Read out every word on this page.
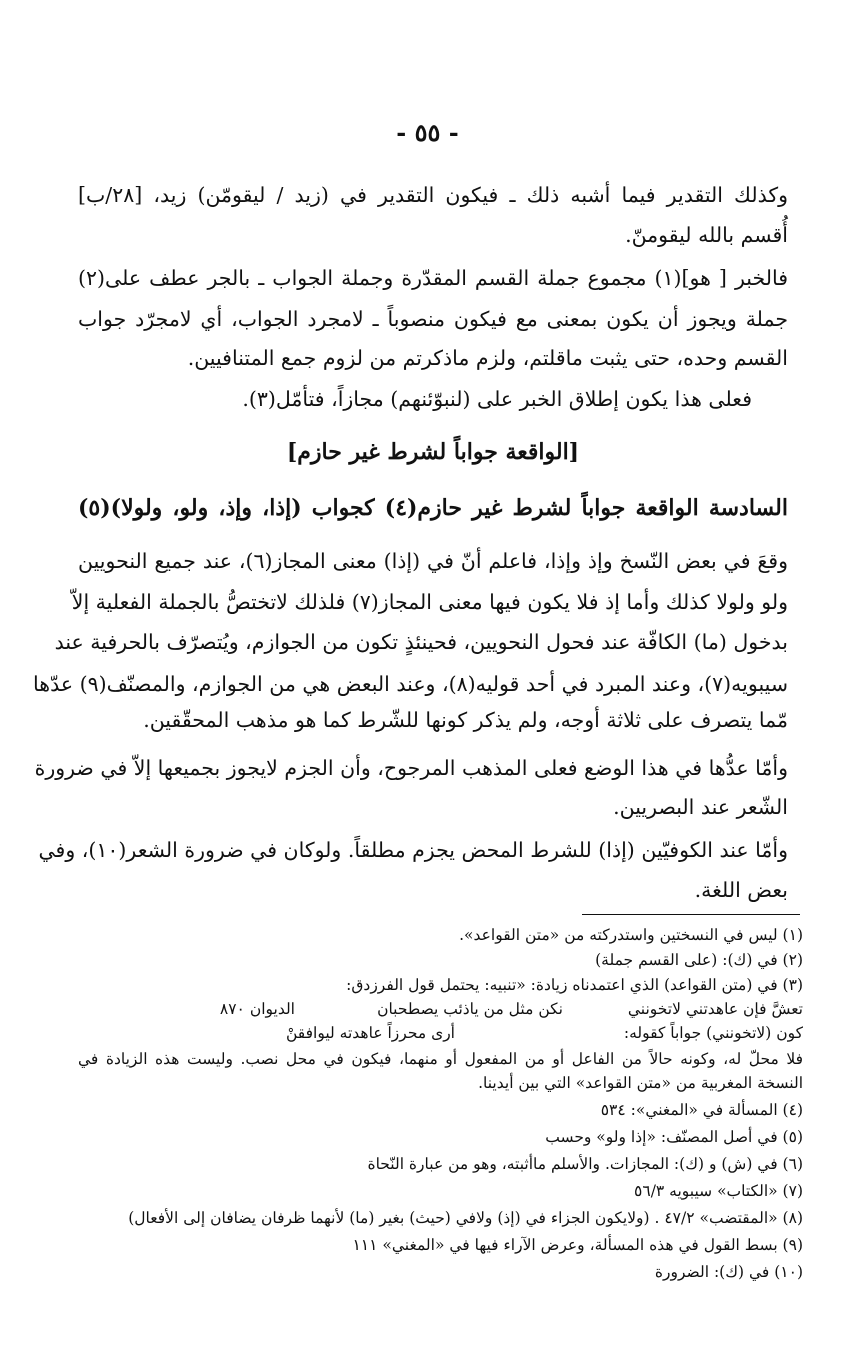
- ٥٥ -
وكذلك التقدير فيما أشبه ذلك ـ فيكون التقدير في (زيد / ليقومّن) زيد، [٢٨/ب]
أُقسم بالله ليقومنّ.
فالخبر [ هو](١) مجموع جملة القسم المقدّرة وجملة الجواب ـ بالجر عطف على(٢)
جملة ويجوز أن يكون بمعنى مع فيكون منصوباً ـ لامجرد الجواب، أي لامجرّد جواب
القسم وحده، حتى يثبت ماقلتم، ولزم ماذكرتم من لزوم جمع المتنافيين.
فعلى هذا يكون إطلاق الخبر على (لنبوّئنهم) مجازاً، فتأمّل(٣).
[الواقعة جواباً لشرط غير حازم]
السادسة الواقعة جواباً لشرط غير حازم(٤) كجواب (إذا، وإذ، ولو، ولولا)(٥)
وقعَ في بعض النّسخ وإذ وإذا، فاعلم أنّ في (إذا) معنى المجاز(٦)، عند جميع النحويين
ولو ولولا كذلك وأما إذ فلا يكون فيها معنى المجاز(٧) فلذلك لاتختصُّ بالجملة الفعلية إلاّ
بدخول (ما) الكافّة عند فحول النحويين، فحينئذٍ تكون من الجوازم، ويُتصرّف بالحرفية عند
سيبويه(٧)، وعند المبرد في أحد قوليه(٨)، وعند البعض هي من الجوازم، والمصنّف(٩) عدّها
مّما يتصرف على ثلاثة أوجه، ولم يذكر كونها للشّرط كما هو مذهب المحقّقين.
وأمّا عدُّها في هذا الوضع فعلى المذهب المرجوح، وأن الجزم لايجوز بجميعها إلاّ في ضرورة
الشّعر عند البصريين.
وأمّا عند الكوفيّين (إذا) للشرط المحض يجزم مطلقاً. ولوكان في ضرورة الشعر(١٠)، وفي
بعض اللغة.
(١) ليس في النسختين واستدركته من «متن القواعد».
(٢) في (ك): (على القسم جملة)
(٣) في (متن القواعد) الذي اعتمدناه زيادة: «تنبيه: يحتمل قول الفرزدق:
تعشَّ فإن عاهدتني لاتخونني
نكن مثل من ياذئب يصطحبان
الديوان ٨٧٠
كون (لاتخونني) جواباً كقوله:
أرى محرزاً عاهدته ليوافقنْ
فلا محلّ له، وكونه حالاً من الفاعل أو من المفعول أو منهما، فيكون في محل نصب. وليست هذه الزيادة في
النسخة المغربية من «متن القواعد» التي بين أيدينا.
(٤) المسألة في «المغني»: ٥٣٤
(٥) في أصل المصنّف: «إذا ولو» وحسب
(٦) في (ش) و (ك): المجازات. والأسلم ماأثبته، وهو من عبارة النّحاة
(٧) «الكتاب» سيبويه ٥٦/٣
(٨) «المقتضب» ٤٧/٢ . (ولايكون الجزاء في (إذ) ولافي (حيث) بغير (ما) لأنهما ظرفان يضافان إلى الأفعال)
(٩) بسط القول في هذه المسألة، وعرض الآراء فيها في «المغني» ١١١
(١٠) في (ك): الضرورة
